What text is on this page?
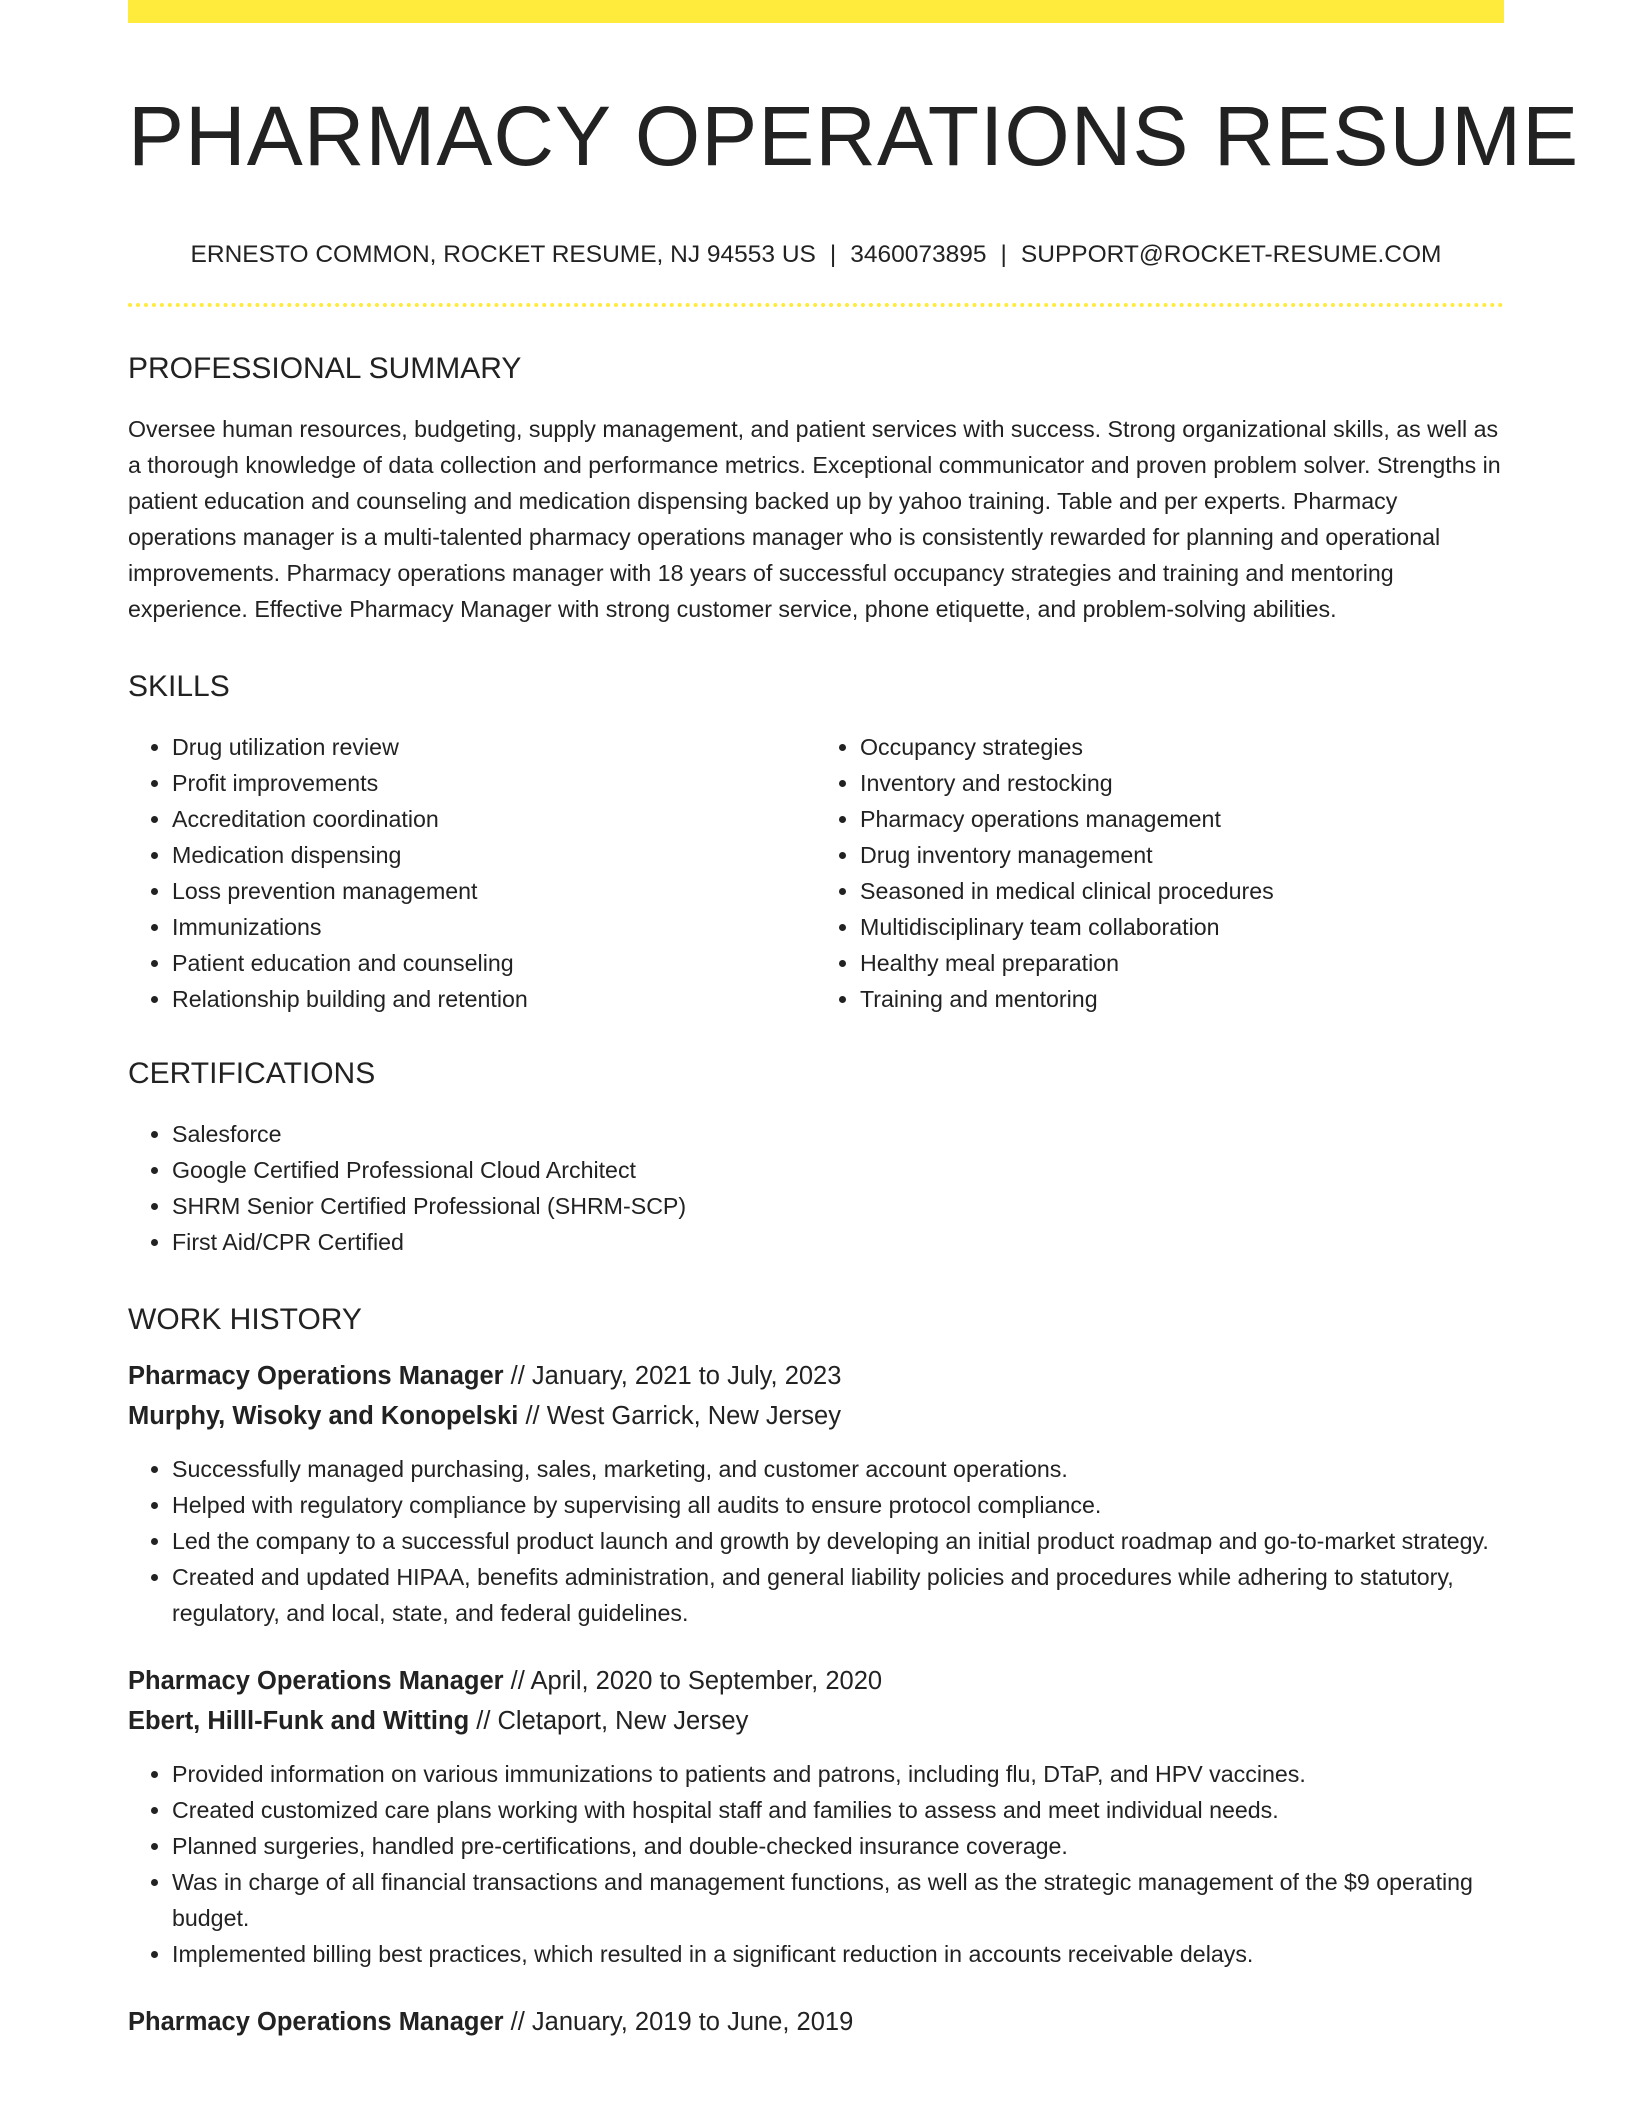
PHARMACY OPERATIONS RESUME
ERNESTO COMMON, ROCKET RESUME, NJ 94553 US | 3460073895 | SUPPORT@ROCKET-RESUME.COM
PROFESSIONAL SUMMARY

Oversee human resources, budgeting, supply management, and patient services with success. Strong organizational skills, as well as a thorough knowledge of data collection and performance metrics. Exceptional communicator and proven problem solver. Strengths in patient education and counseling and medication dispensing backed up by yahoo training. Table and per experts. Pharmacy operations manager is a multi-talented pharmacy operations manager who is consistently rewarded for planning and operational improvements. Pharmacy operations manager with 18 years of successful occupancy strategies and training and mentoring experience. Effective Pharmacy Manager with strong customer service, phone etiquette, and problem-solving abilities.

SKILLS
• Drug utilization review
• Profit improvements
• Accreditation coordination
• Medication dispensing
• Loss prevention management
• Immunizations
• Patient education and counseling
• Relationship building and retention
• Occupancy strategies
• Inventory and restocking
• Pharmacy operations management
• Drug inventory management
• Seasoned in medical clinical procedures
• Multidisciplinary team collaboration
• Healthy meal preparation
• Training and mentoring
CERTIFICATIONS
• Salesforce
• Google Certified Professional Cloud Architect
• SHRM Senior Certified Professional (SHRM-SCP)
• First Aid/CPR Certified
WORK HISTORY
Pharmacy Operations Manager // January, 2021 to July, 2023
Murphy, Wisoky and Konopelski // West Garrick, New Jersey
• Successfully managed purchasing, sales, marketing, and customer account operations.
• Helped with regulatory compliance by supervising all audits to ensure protocol compliance.
• Led the company to a successful product launch and growth by developing an initial product roadmap and go-to-market strategy.
• Created and updated HIPAA, benefits administration, and general liability policies and procedures while adhering to statutory, regulatory, and local, state, and federal guidelines.
Pharmacy Operations Manager // April, 2020 to September, 2020
Ebert, Hilll-Funk and Witting // Cletaport, New Jersey
• Provided information on various immunizations to patients and patrons, including flu, DTaP, and HPV vaccines.
• Created customized care plans working with hospital staff and families to assess and meet individual needs.
• Planned surgeries, handled pre-certifications, and double-checked insurance coverage.
• Was in charge of all financial transactions and management functions, as well as the strategic management of the $9 operating budget.
• Implemented billing best practices, which resulted in a significant reduction in accounts receivable delays.
Pharmacy Operations Manager // January, 2019 to June, 2019
